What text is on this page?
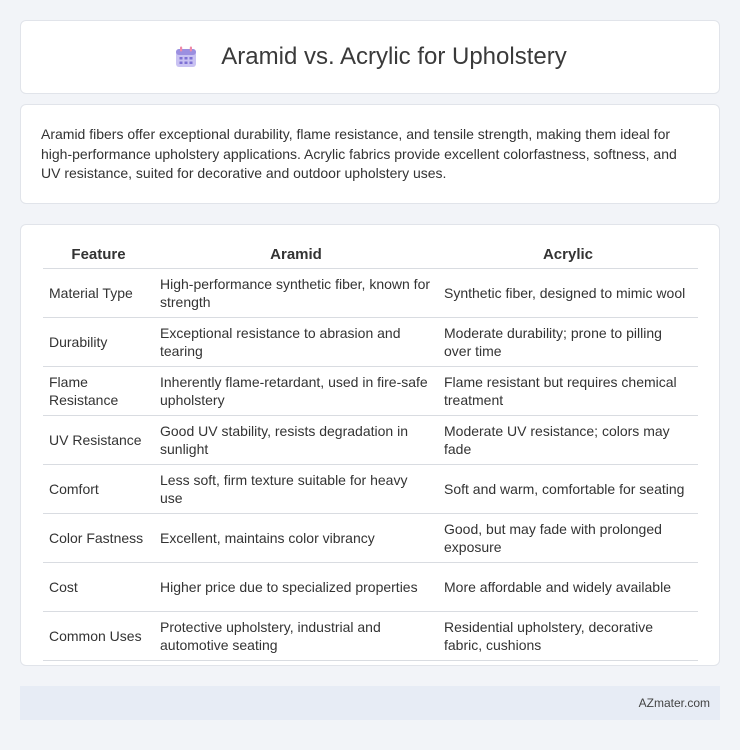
Aramid vs. Acrylic for Upholstery

Aramid fibers offer exceptional durability, flame resistance, and tensile strength, making them ideal for high-performance upholstery applications. Acrylic fabrics provide excellent colorfastness, softness, and UV resistance, suited for decorative and outdoor upholstery uses.

Feature	Aramid	Acrylic
Material Type	High-performance synthetic fiber, known for strength	Synthetic fiber, designed to mimic wool
Durability	Exceptional resistance to abrasion and tearing	Moderate durability; prone to pilling over time
Flame Resistance	Inherently flame-retardant, used in fire-safe upholstery	Flame resistant but requires chemical treatment
UV Resistance	Good UV stability, resists degradation in sunlight	Moderate UV resistance; colors may fade
Comfort	Less soft, firm texture suitable for heavy use	Soft and warm, comfortable for seating
Color Fastness	Excellent, maintains color vibrancy	Good, but may fade with prolonged exposure
Cost	Higher price due to specialized properties	More affordable and widely available
Common Uses	Protective upholstery, industrial and automotive seating	Residential upholstery, decorative fabric, cushions
AZmater.com
